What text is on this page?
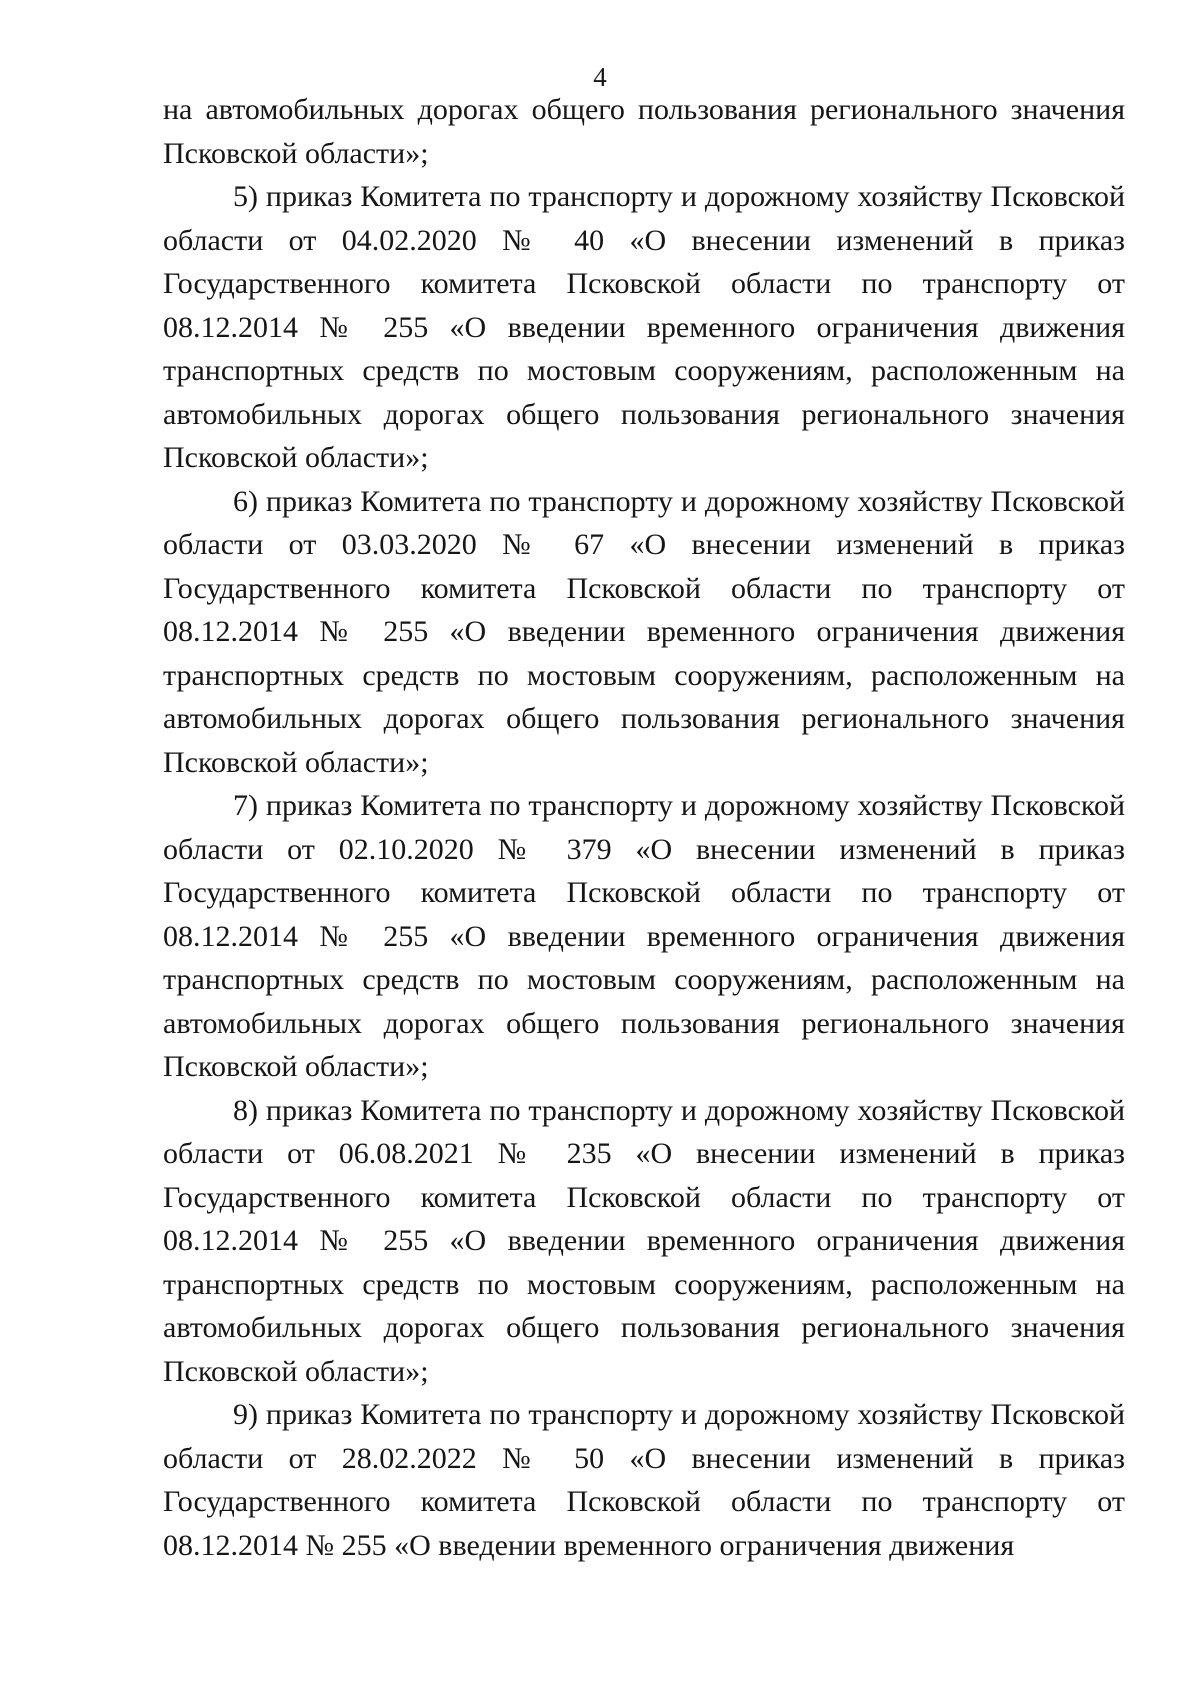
4

на автомобильных дорогах общего пользования регионального значения Псковской области»;

5) приказ Комитета по транспорту и дорожному хозяйству Псковской области от 04.02.2020 № 40 «О внесении изменений в приказ Государственного комитета Псковской области по транспорту от 08.12.2014 № 255 «О введении временного ограничения движения транспортных средств по мостовым сооружениям, расположенным на автомобильных дорогах общего пользования регионального значения Псковской области»;

6) приказ Комитета по транспорту и дорожному хозяйству Псковской области от 03.03.2020 № 67 «О внесении изменений в приказ Государственного комитета Псковской области по транспорту от 08.12.2014 № 255 «О введении временного ограничения движения транспортных средств по мостовым сооружениям, расположенным на автомобильных дорогах общего пользования регионального значения Псковской области»;

7) приказ Комитета по транспорту и дорожному хозяйству Псковской области от 02.10.2020 № 379 «О внесении изменений в приказ Государственного комитета Псковской области по транспорту от 08.12.2014 № 255 «О введении временного ограничения движения транспортных средств по мостовым сооружениям, расположенным на автомобильных дорогах общего пользования регионального значения Псковской области»;

8) приказ Комитета по транспорту и дорожному хозяйству Псковской области от 06.08.2021 № 235 «О внесении изменений в приказ Государственного комитета Псковской области по транспорту от 08.12.2014 № 255 «О введении временного ограничения движения транспортных средств по мостовым сооружениям, расположенным на автомобильных дорогах общего пользования регионального значения Псковской области»;

9) приказ Комитета по транспорту и дорожному хозяйству Псковской области от 28.02.2022 № 50 «О внесении изменений в приказ Государственного комитета Псковской области по транспорту от 08.12.2014 № 255 «О введении временного ограничения движения
